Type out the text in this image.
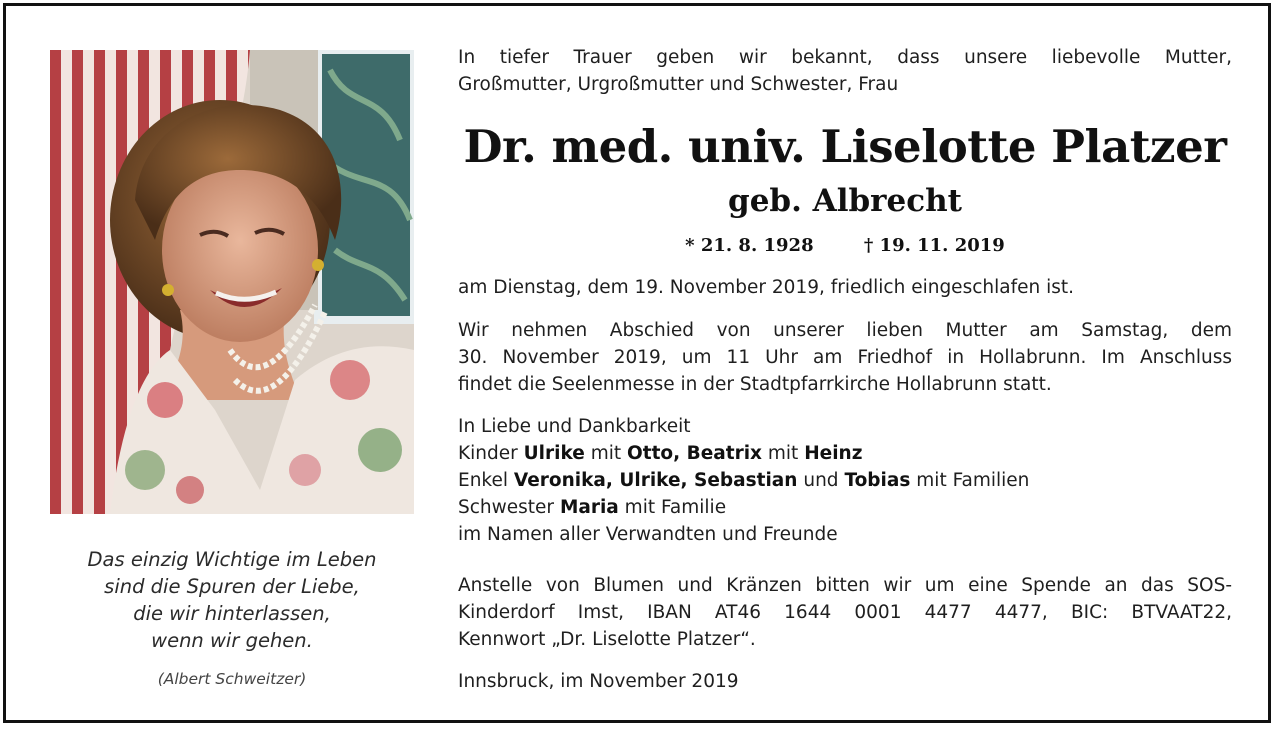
Das einzig Wichtige im Leben
sind die Spuren der Liebe,
die wir hinterlassen,
wenn wir gehen.
(Albert Schweitzer)
In tiefer Trauer geben wir bekannt, dass unsere liebevolle Mutter,
Großmutter, Urgroßmutter und Schwester, Frau
Dr. med. univ. Liselotte Platzer
geb. Albrecht
* 21. 8. 1928	† 19. 11. 2019
am Dienstag, dem 19. November 2019, friedlich eingeschlafen ist.
Wir nehmen Abschied von unserer lieben Mutter am Samstag, dem
30. November 2019, um 11 Uhr am Friedhof in Hollabrunn. Im Anschluss
findet die Seelenmesse in der Stadtpfarrkirche Hollabrunn statt.
In Liebe und Dankbarkeit
Kinder Ulrike mit Otto, Beatrix mit Heinz
Enkel Veronika, Ulrike, Sebastian und Tobias mit Familien
Schwester Maria mit Familie
im Namen aller Verwandten und Freunde
Anstelle von Blumen und Kränzen bitten wir um eine Spende an das SOS-
Kinderdorf Imst, IBAN AT46 1644 0001 4477 4477, BIC: BTVAAT22,
Kennwort „Dr. Liselotte Platzer“.
Innsbruck, im November 2019
